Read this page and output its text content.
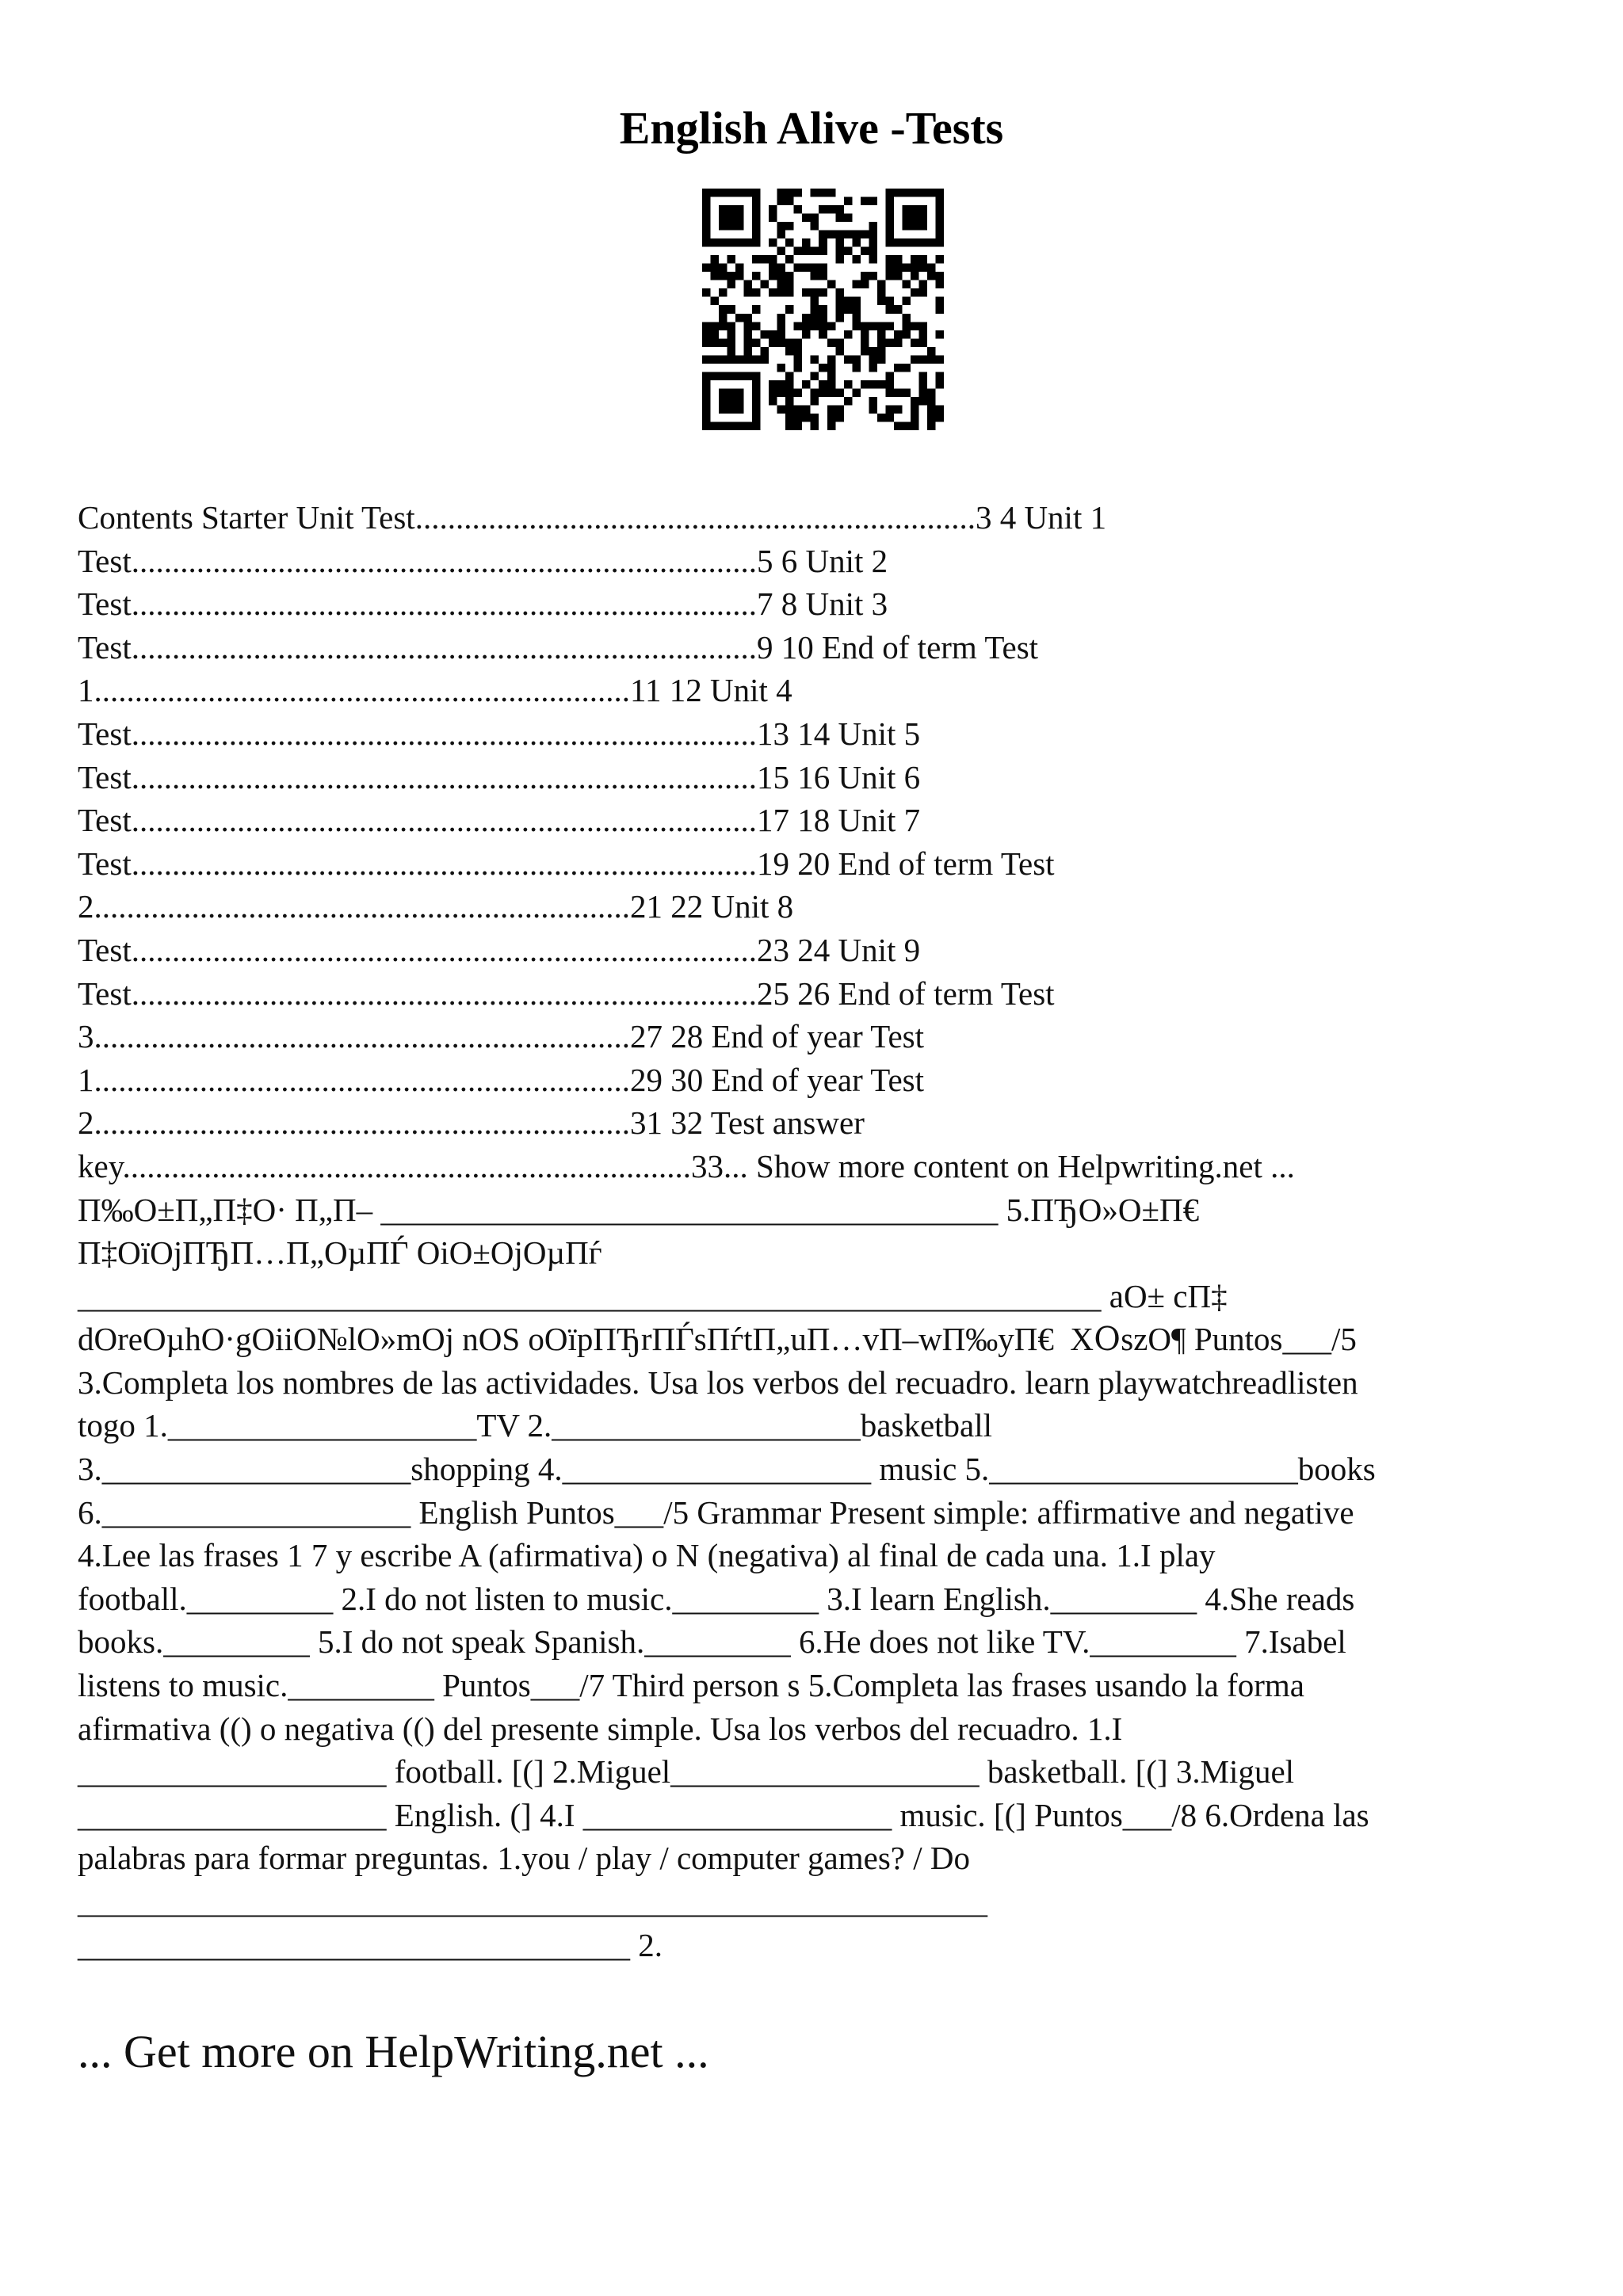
English Alive -Tests
Contents Starter Unit Test.....................................................................3 4 Unit 1
Test.............................................................................5 6 Unit 2
Test.............................................................................7 8 Unit 3
Test.............................................................................9 10 End of term Test
1..................................................................11 12 Unit 4
Test.............................................................................13 14 Unit 5
Test.............................................................................15 16 Unit 6
Test.............................................................................17 18 Unit 7
Test.............................................................................19 20 End of term Test
2..................................................................21 22 Unit 8
Test.............................................................................23 24 Unit 9
Test.............................................................................25 26 End of term Test
3..................................................................27 28 End of year Test
1..................................................................29 30 End of year Test
2..................................................................31 32 Test answer
key......................................................................33... Show more content on Helpwriting.net ...
П‰О±П„П‡О· П„П– ______________________________________ 5.ПЂО»О±П€
П‡ОїОјПЂП…П„ОµПЃ ОіО±ОјОµПѓ
_______________________________________________________________ aО± cП‡
dОreОµhО·gОiiО№lО»mОj nOS oОїрПЂrПЃsПѓtП„uП…vП–wП‰yП€  XՕszО¶ Puntos___/5
3.Completa los nombres de las actividades. Usa los verbos del recuadro. learn playwatchreadlisten
togo 1.___________________TV 2.___________________basketball
3.___________________shopping 4.___________________ music 5.___________________books
6.___________________ English Puntos___/5 Grammar Present simple: affirmative and negative
4.Lee las frases 1 7 y escribe A (afirmativa) o N (negativa) al final de cada una. 1.I play
football._________ 2.I do not listen to music._________ 3.I learn English._________ 4.She reads
books._________ 5.I do not speak Spanish._________ 6.He does not like TV._________ 7.Isabel
listens to music._________ Puntos___/7 Third person s 5.Completa las frases usando la forma
afirmativa (() o negativa (() del presente simple. Usa los verbos del recuadro. 1.I
___________________ football. [(] 2.Miguel___________________ basketball. [(] 3.Miguel
___________________ English. (] 4.I ___________________ music. [(] Puntos___/8 6.Ordena las
palabras para formar preguntas. 1.you / play / computer games? / Do
________________________________________________________
__________________________________ 2.
... Get more on HelpWriting.net ...
